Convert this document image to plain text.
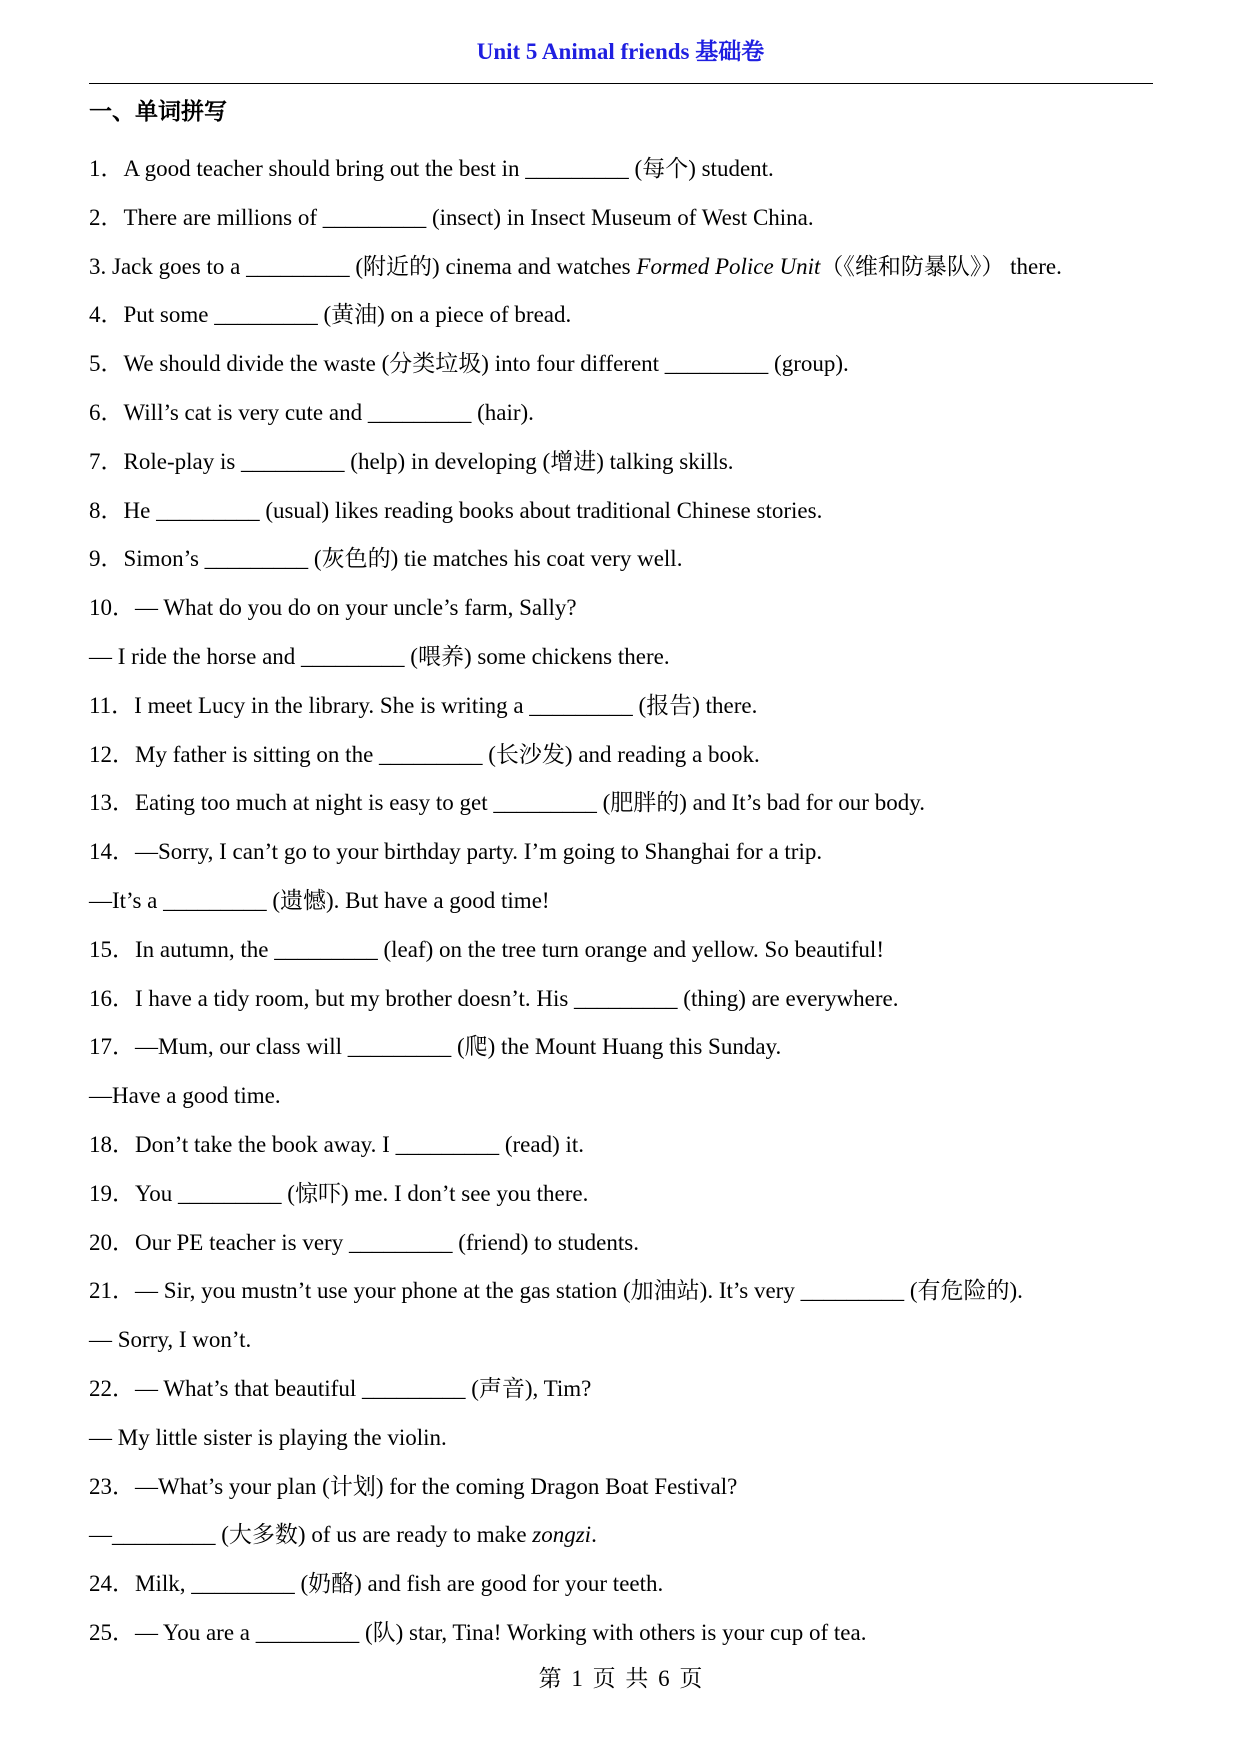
Unit 5 Animal friends 基础卷
一、单词拼写
1．A good teacher should bring out the best in _________ (每个) student.
2．There are millions of _________ (insect) in Insect Museum of West China.
3. Jack goes to a _________ (附近的) cinema and watches Formed Police Unit（《维和防暴队》） there.
4．Put some _________ (黄油) on a piece of bread.
5．We should divide the waste (分类垃圾) into four different _________ (group).
6．Will’s cat is very cute and _________ (hair).
7．Role-play is _________ (help) in developing (增进) talking skills.
8．He _________ (usual) likes reading books about traditional Chinese stories.
9．Simon’s _________ (灰色的) tie matches his coat very well.
10．— What do you do on your uncle’s farm, Sally?
— I ride the horse and _________ (喂养) some chickens there.
11．I meet Lucy in the library. She is writing a _________ (报告) there.
12．My father is sitting on the _________ (长沙发) and reading a book.
13．Eating too much at night is easy to get _________ (肥胖的) and It’s bad for our body.
14．—Sorry, I can’t go to your birthday party. I’m going to Shanghai for a trip.
—It’s a _________ (遗憾). But have a good time!
15．In autumn, the _________ (leaf) on the tree turn orange and yellow. So beautiful!
16．I have a tidy room, but my brother doesn’t. His _________ (thing) are everywhere.
17．—Mum, our class will _________ (爬) the Mount Huang this Sunday.
—Have a good time.
18．Don’t take the book away. I _________ (read) it.
19．You _________ (惊吓) me. I don’t see you there.
20．Our PE teacher is very _________ (friend) to students.
21．— Sir, you mustn’t use your phone at the gas station (加油站). It’s very _________ (有危险的).
— Sorry, I won’t.
22．— What’s that beautiful _________ (声音), Tim?
— My little sister is playing the violin.
23．—What’s your plan (计划) for the coming Dragon Boat Festival?
—_________ (大多数) of us are ready to make zongzi.
24．Milk, _________ (奶酪) and fish are good for your teeth.
25．— You are a _________ (队) star, Tina! Working with others is your cup of tea.
第 1 页 共 6 页
